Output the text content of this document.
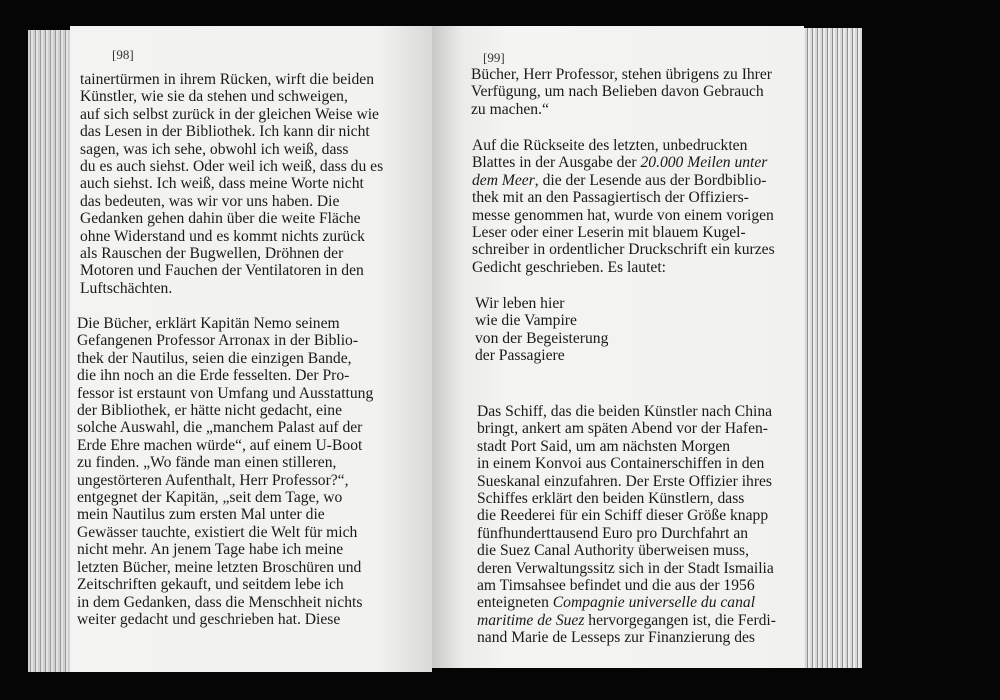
[98]	[99]
tainertürmen in ihrem Rücken, wirft die beiden
Künstler, wie sie da stehen und schweigen,
auf sich selbst zurück in der gleichen Weise wie
das Lesen in der Bibliothek. Ich kann dir nicht
sagen, was ich sehe, obwohl ich weiß, dass
du es auch siehst. Oder weil ich weiß, dass du es
auch siehst. Ich weiß, dass meine Worte nicht
das bedeuten, was wir vor uns haben. Die
Gedanken gehen dahin über die weite Fläche
ohne Widerstand und es kommt nichts zurück
als Rauschen der Bugwellen, Dröhnen der
Motoren und Fauchen der Ventilatoren in den
Luftschächten.
Die Bücher, erklärt Kapitän Nemo seinem
Gefangenen Professor Arronax in der Biblio-
thek der Nautilus, seien die einzigen Bande,
die ihn noch an die Erde fesselten. Der Pro-
fessor ist erstaunt von Umfang und Ausstattung
der Bibliothek, er hätte nicht gedacht, eine
solche Auswahl, die „manchem Palast auf der
Erde Ehre machen würde“, auf einem U-Boot
zu finden. „Wo fände man einen stilleren,
ungestörteren Aufenthalt, Herr Professor?“,
entgegnet der Kapitän, „seit dem Tage, wo
mein Nautilus zum ersten Mal unter die
Gewässer tauchte, existiert die Welt für mich
nicht mehr. An jenem Tage habe ich meine
letzten Bücher, meine letzten Broschüren und
Zeitschriften gekauft, und seitdem lebe ich
in dem Gedanken, dass die Menschheit nichts
weiter gedacht und geschrieben hat. Diese
Bücher, Herr Professor, stehen übrigens zu Ihrer
Verfügung, um nach Belieben davon Gebrauch
zu machen.“
Auf die Rückseite des letzten, unbedruckten
Blattes in der Ausgabe der 20.000 Meilen unter
dem Meer, die der Lesende aus der Bordbiblio-
thek mit an den Passagiertisch der Offiziers-
messe genommen hat, wurde von einem vorigen
Leser oder einer Leserin mit blauem Kugel-
schreiber in ordentlicher Druckschrift ein kurzes
Gedicht geschrieben. Es lautet:
Wir leben hier
wie die Vampire
von der Begeisterung
der Passagiere
Das Schiff, das die beiden Künstler nach China
bringt, ankert am späten Abend vor der Hafen-
stadt Port Said, um am nächsten Morgen
in einem Konvoi aus Containerschiffen in den
Sueskanal einzufahren. Der Erste Offizier ihres
Schiffes erklärt den beiden Künstlern, dass
die Reederei für ein Schiff dieser Größe knapp
fünfhunderttausend Euro pro Durchfahrt an
die Suez Canal Authority überweisen muss,
deren Verwaltungssitz sich in der Stadt Ismailia
am Timsahsee befindet und die aus der 1956
enteigneten Compagnie universelle du canal
maritime de Suez hervorgegangen ist, die Ferdi-
nand Marie de Lesseps zur Finanzierung des
